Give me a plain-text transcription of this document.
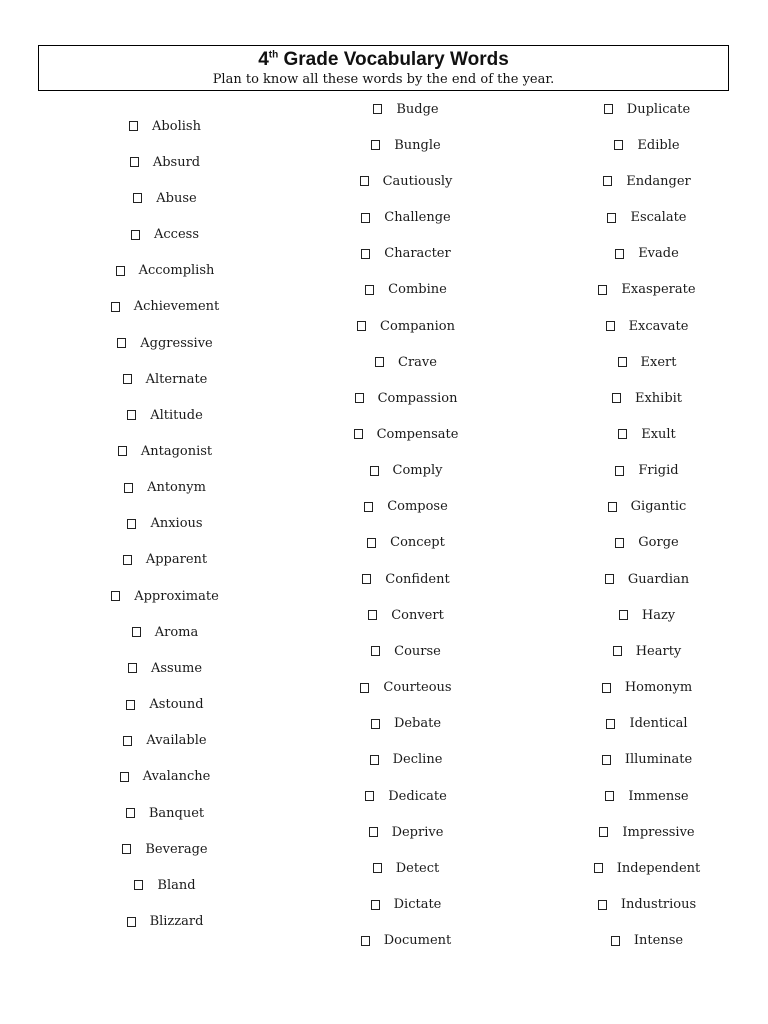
4th Grade Vocabulary Words
Plan to know all these words by the end of the year.
Abolish
Absurd
Abuse
Access
Accomplish
Achievement
Aggressive
Alternate
Altitude
Antagonist
Antonym
Anxious
Apparent
Approximate
Aroma
Assume
Astound
Available
Avalanche
Banquet
Beverage
Bland
Blizzard
Budge
Bungle
Cautiously
Challenge
Character
Combine
Companion
Crave
Compassion
Compensate
Comply
Compose
Concept
Confident
Convert
Course
Courteous
Debate
Decline
Dedicate
Deprive
Detect
Dictate
Document
Duplicate
Edible
Endanger
Escalate
Evade
Exasperate
Excavate
Exert
Exhibit
Exult
Frigid
Gigantic
Gorge
Guardian
Hazy
Hearty
Homonym
Identical
Illuminate
Immense
Impressive
Independent
Industrious
Intense
